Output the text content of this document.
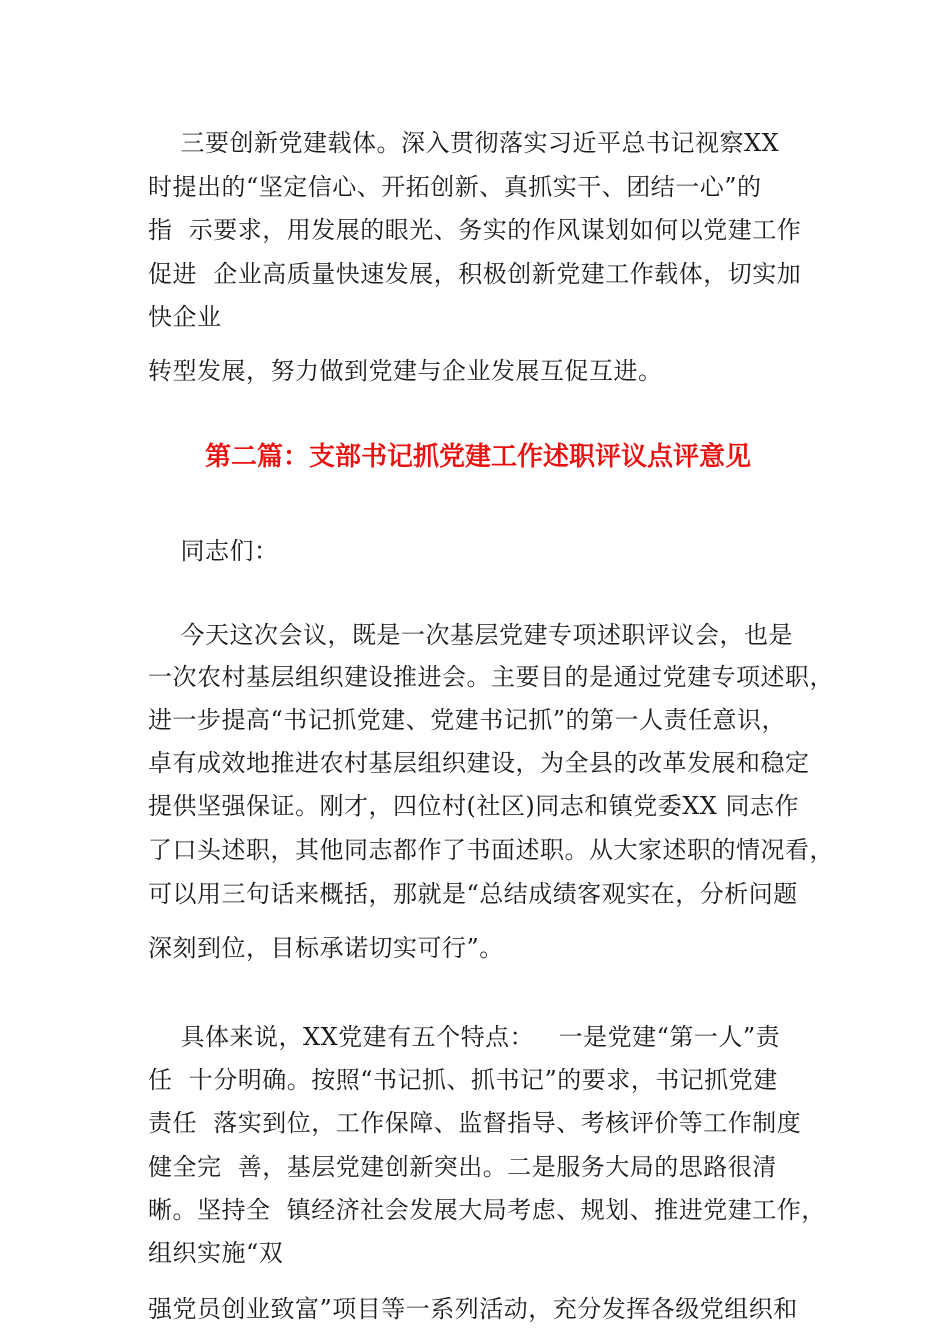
三要创新党建载体。深入贯彻落实习近平总书记视察XX
时提出的“坚定信心、开拓创新、真抓实干、团结一心”的
指  示要求，用发展的眼光、务实的作风谋划如何以党建工作
促进  企业高质量快速发展，积极创新党建工作载体，切实加
快企业
转型发展，努力做到党建与企业发展互促互进。
第二篇：支部书记抓党建工作述职评议点评意见
同志们：
今天这次会议，既是一次基层党建专项述职评议会，也是
一次农村基层组织建设推进会。主要目的是通过党建专项述职，
进一步提高“书记抓党建、党建书记抓”的第一人责任意识，
卓有成效地推进农村基层组织建设，为全县的改革发展和稳定
提供坚强保证。刚才，四位村(社区)同志和镇党委XX 同志作
了口头述职，其他同志都作了书面述职。从大家述职的情况看，
可以用三句话来概括，那就是“总结成绩客观实在，分析问题
深刻到位，目标承诺切实可行”。
具体来说，XX党建有五个特点：   一是党建“第一人”责
任  十分明确。按照“书记抓、抓书记”的要求，书记抓党建
责任  落实到位，工作保障、监督指导、考核评价等工作制度
健全完  善，基层党建创新突出。二是服务大局的思路很清
晰。坚持全  镇经济社会发展大局考虑、规划、推进党建工作，
组织实施“双
强党员创业致富”项目等一系列活动，充分发挥各级党组织和
